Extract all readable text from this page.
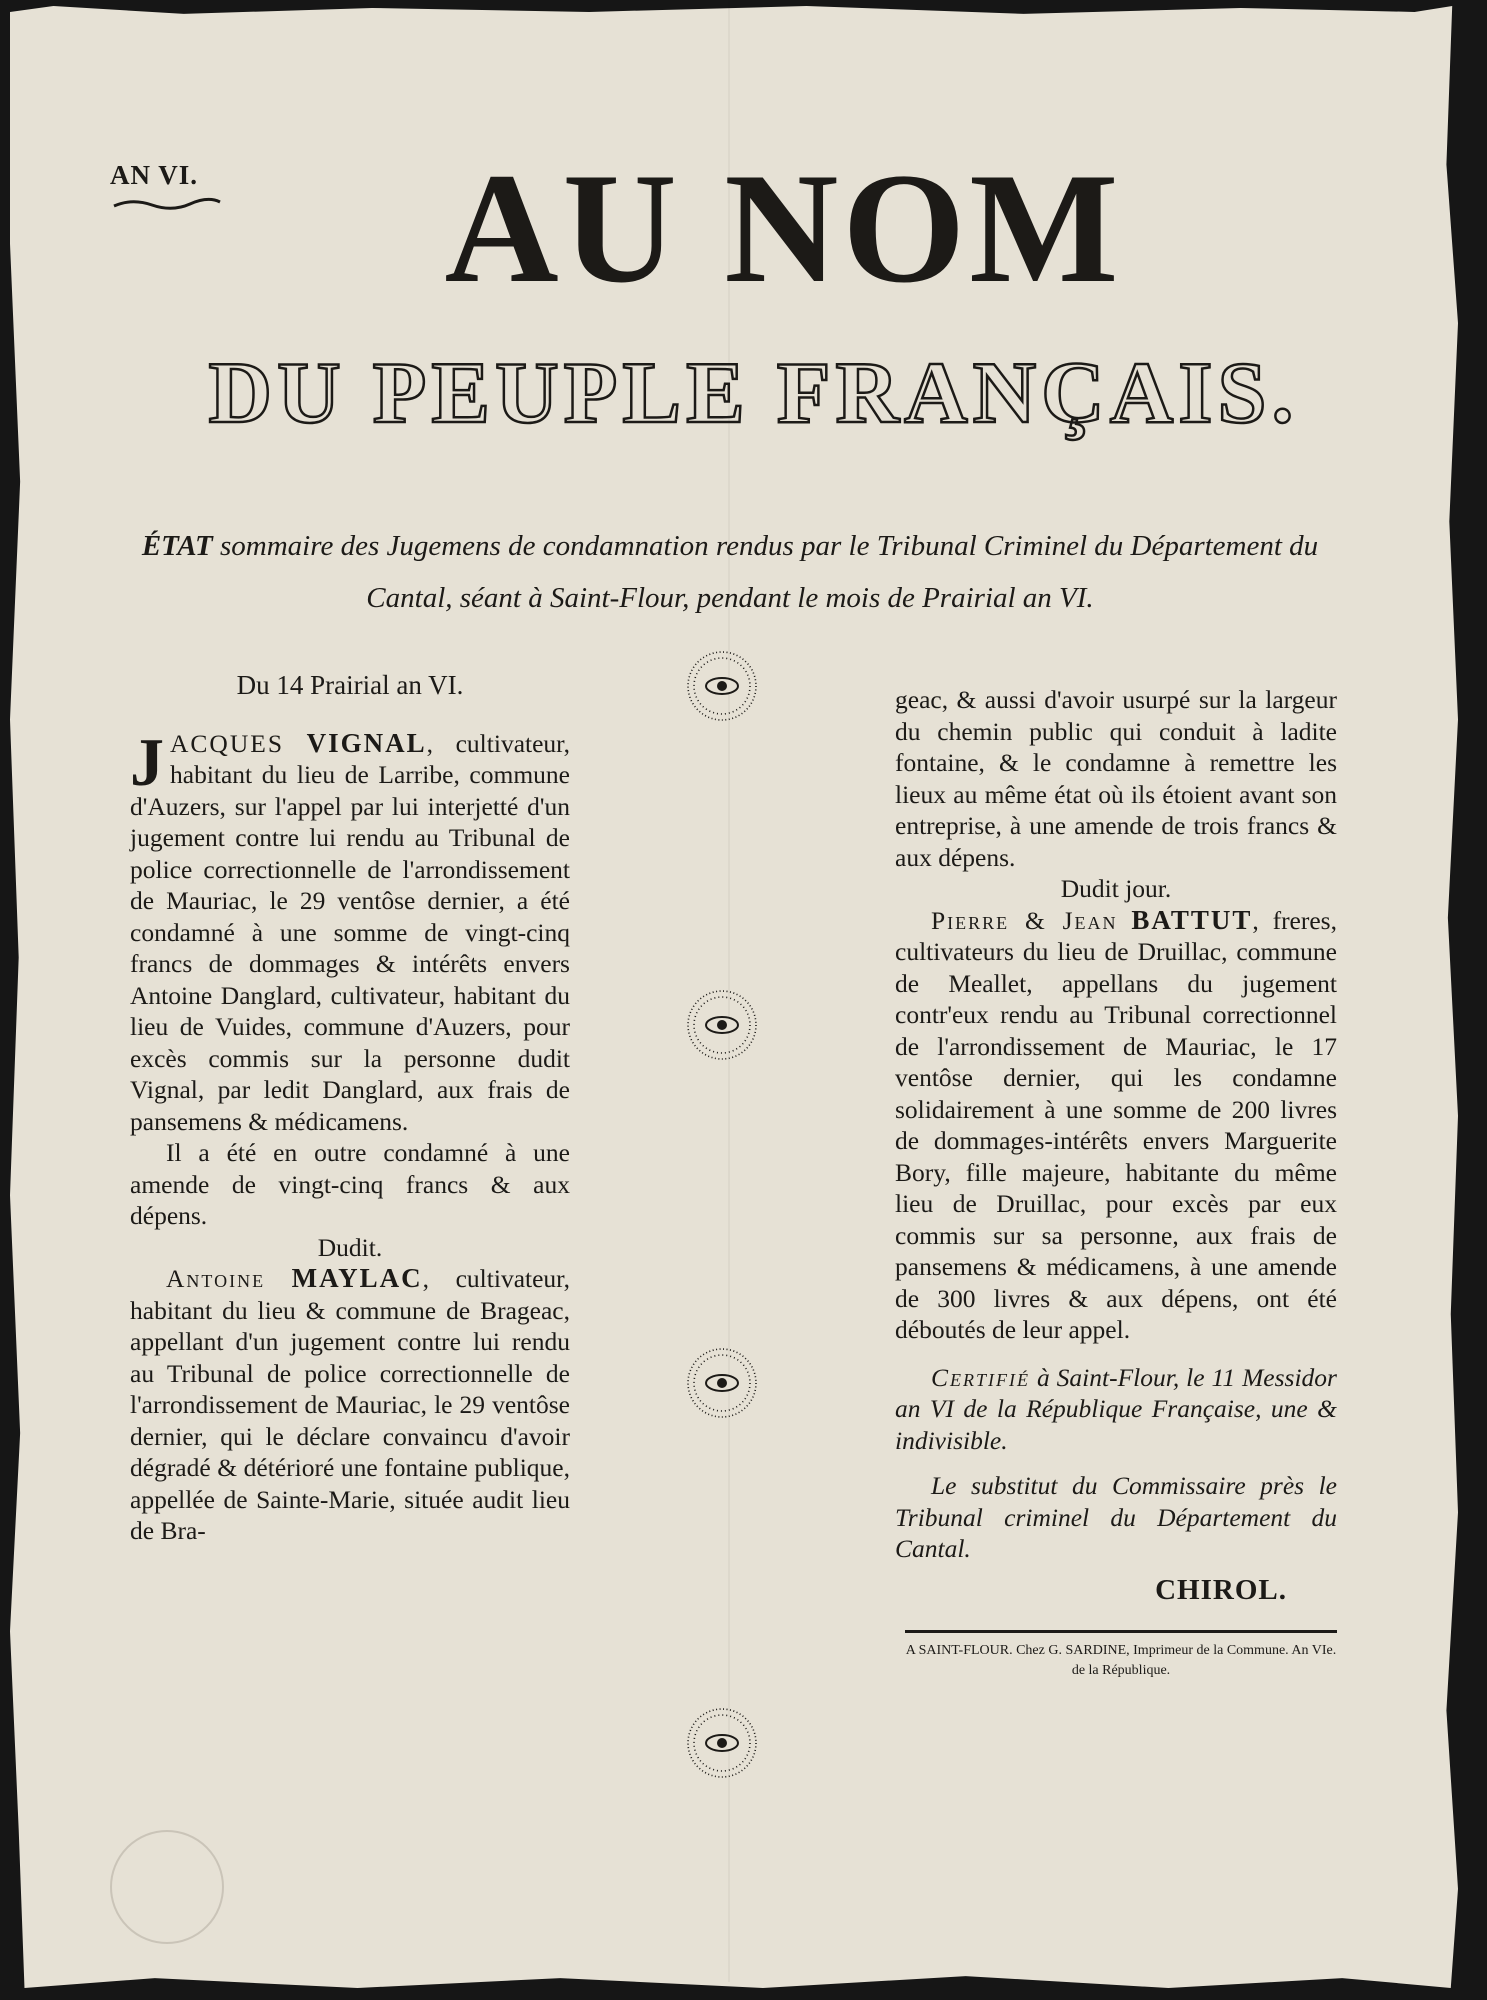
AN VI.	AU NOM
DU PEUPLE FRANÇAIS.
ÉTAT sommaire des Jugemens de condamnation rendus par le Tribunal Criminel du Département du Cantal, séant à Saint-Flour, pendant le mois de Prairial an VI.
Du 14 Prairial an VI.

JACQUES VIGNAL, cultivateur, habitant du lieu de Larribe, commune d'Auzers, sur l'appel par lui interjetté d'un jugement contre lui rendu au Tribunal de police correctionnelle de l'arrondissement de Mauriac, le 29 ventôse dernier, a été condamné à une somme de vingt-cinq francs de dommages & intérêts envers Antoine Danglard, cultivateur, habitant du lieu de Vuides, commune d'Auzers, pour excès commis sur la personne dudit Vignal, par ledit Danglard, aux frais de pansemens & médicamens.

Il a été en outre condamné à une amende de vingt-cinq francs & aux dépens.

Dudit.

Antoine MAYLAC, cultivateur, habitant du lieu & commune de Brageac, appellant d'un jugement contre lui rendu au Tribunal de police correctionnelle de l'arrondissement de Mauriac, le 29 ventôse dernier, qui le déclare convaincu d'avoir dégradé & détérioré une fontaine publique, appellée de Sainte-Marie, située audit lieu de Bra-

geac, & aussi d'avoir usurpé sur la largeur du chemin public qui conduit à ladite fontaine, & le condamne à remettre les lieux au même état où ils étoient avant son entreprise, à une amende de trois francs & aux dépens.

Dudit jour.

Pierre & Jean BATTUT, freres, cultivateurs du lieu de Druillac, commune de Meallet, appellans du jugement contr'eux rendu au Tribunal correctionnel de l'arrondissement de Mauriac, le 17 ventôse dernier, qui les condamne solidairement à une somme de 200 livres de dommages-intérêts envers Marguerite Bory, fille majeure, habitante du même lieu de Druillac, pour excès par eux commis sur sa personne, aux frais de pansemens & médicamens, à une amende de 300 livres & aux dépens, ont été déboutés de leur appel.

Certifié à Saint-Flour, le 11 Messidor an VI de la République Française, une & indivisible.

Le substitut du Commissaire près le Tribunal criminel du Département du Cantal.

CHIROL.
A SAINT-FLOUR. Chez G. SARDINE, Imprimeur de la Commune. An VIe. de la République.
